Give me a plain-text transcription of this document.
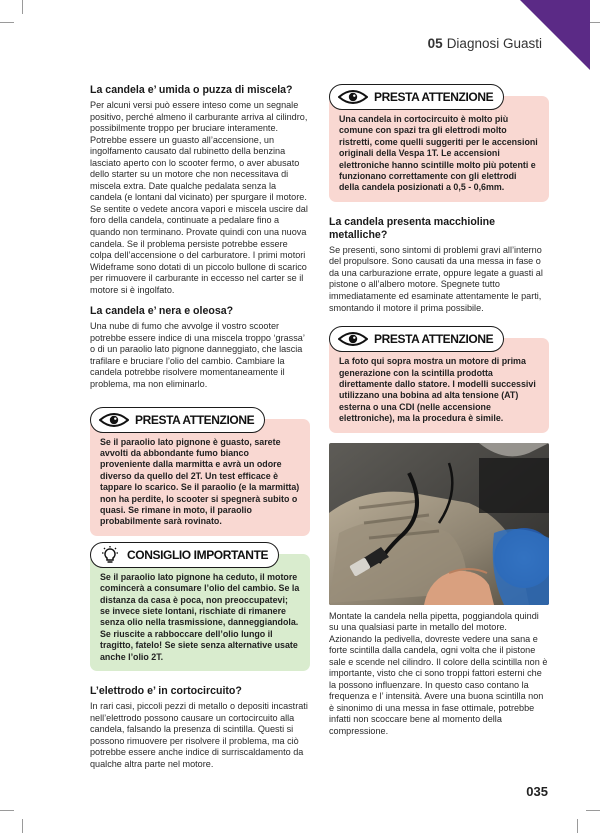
05 Diagnosi Guasti
La candela e’ umida o puzza di miscela?

Per alcuni versi può essere inteso come un segnale positivo, perché almeno il carburante arriva al cilindro, possibilmente troppo per bruciare interamente. Potrebbe essere un guasto all’accensione, un ingolfamento causato dal rubinetto della benzina lasciato aperto con lo scooter fermo, o aver abusato dello starter su un motore che non necessitava di miscela extra. Date qualche pedalata senza la candela (e lontani dal vicinato) per spurgare il motore. Se sentite o vedete ancora vapori e miscela uscire dal foro della candela, continuate a pedalare fino a quando non terminano. Provate quindi con una nuova candela. Se il problema persiste potrebbe essere colpa dell’accensione o del carburatore. I primi motori Wideframe sono dotati di un piccolo bullone di scarico per rimuovere il carburante in eccesso nel carter se il motore si è ingolfato.

La candela e’ nera e oleosa?

Una nube di fumo che avvolge il vostro scooter potrebbe essere indice di una miscela troppo ‘grassa’ o di un paraolio lato pignone danneggiato, che lascia trafilare e bruciare l’olio del cambio. Cambiare la candela potrebbe risolvere momentaneamente il problema, ma non eliminarlo.

PRESTA ATTENZIONE

Se il paraolio lato pignone è guasto, sarete avvolti da abbondante fumo bianco proveniente dalla marmitta e avrà un odore diverso da quello del 2T. Un test efficace è tappare lo scarico. Se il paraolio (e la marmitta) non ha perdite, lo scooter si spegnerà subito o quasi. Se rimane in moto, il paraolio probabilmente sarà rovinato.

CONSIGLIO IMPORTANTE

Se il paraolio lato pignone ha ceduto, il motore comincerà a consumare l’olio del cambio. Se la distanza da casa è poca, non preoccupatevi; se invece siete lontani, rischiate di rimanere senza olio nella trasmissione, danneggiandola. Se riuscite a rabboccare dell’olio lungo il tragitto, fatelo! Se siete senza alternative usate anche l’olio 2T.

L’elettrodo e’ in cortocircuito?

In rari casi, piccoli pezzi di metallo o depositi incastrati nell’elettrodo possono causare un cortocircuito alla candela, falsando la presenza di scintilla. Questi si possono rimuovere per risolvere il problema, ma ciò potrebbe essere anche indice di surriscaldamento da qualche altra parte nel motore.

PRESTA ATTENZIONE

Una candela in cortocircuito è molto più comune con spazi tra gli elettrodi molto ristretti, come quelli suggeriti per le accensioni originali della Vespa 1T. Le accensioni elettroniche hanno scintille molto più potenti e funzionano correttamente con gli elettrodi della candela posizionati a 0,5 - 0,6mm.

La candela presenta macchioline metalliche?

Se presenti, sono sintomi di problemi gravi all’interno del propulsore. Sono causati da una messa in fase o da una carburazione errate, oppure legate a guasti al pistone o all’albero motore. Spegnete tutto immediatamente ed esaminate attentamente le parti, smontando il motore il prima possibile.

PRESTA ATTENZIONE

La foto qui sopra mostra un motore di prima generazione con la scintilla prodotta direttamente dallo statore. I modelli successivi utilizzano una bobina ad alta tensione (AT) esterna o una CDI (nelle accensione elettroniche), ma la procedura è simile.

Montate la candela nella pipetta, poggiandola quindi su una qualsiasi parte in metallo del motore. Azionando la pedivella, dovreste vedere una sana e forte scintilla dalla candela, ogni volta che il pistone sale e scende nel cilindro. Il colore della scintilla non è importante, visto che ci sono troppi fattori esterni che la possono influenzare. In questo caso contano la frequenza e l’ intensità. Avere una buona scintilla non è sinonimo di una messa in fase ottimale, potrebbe infatti non scoccare bene al momento della compressione.

035
